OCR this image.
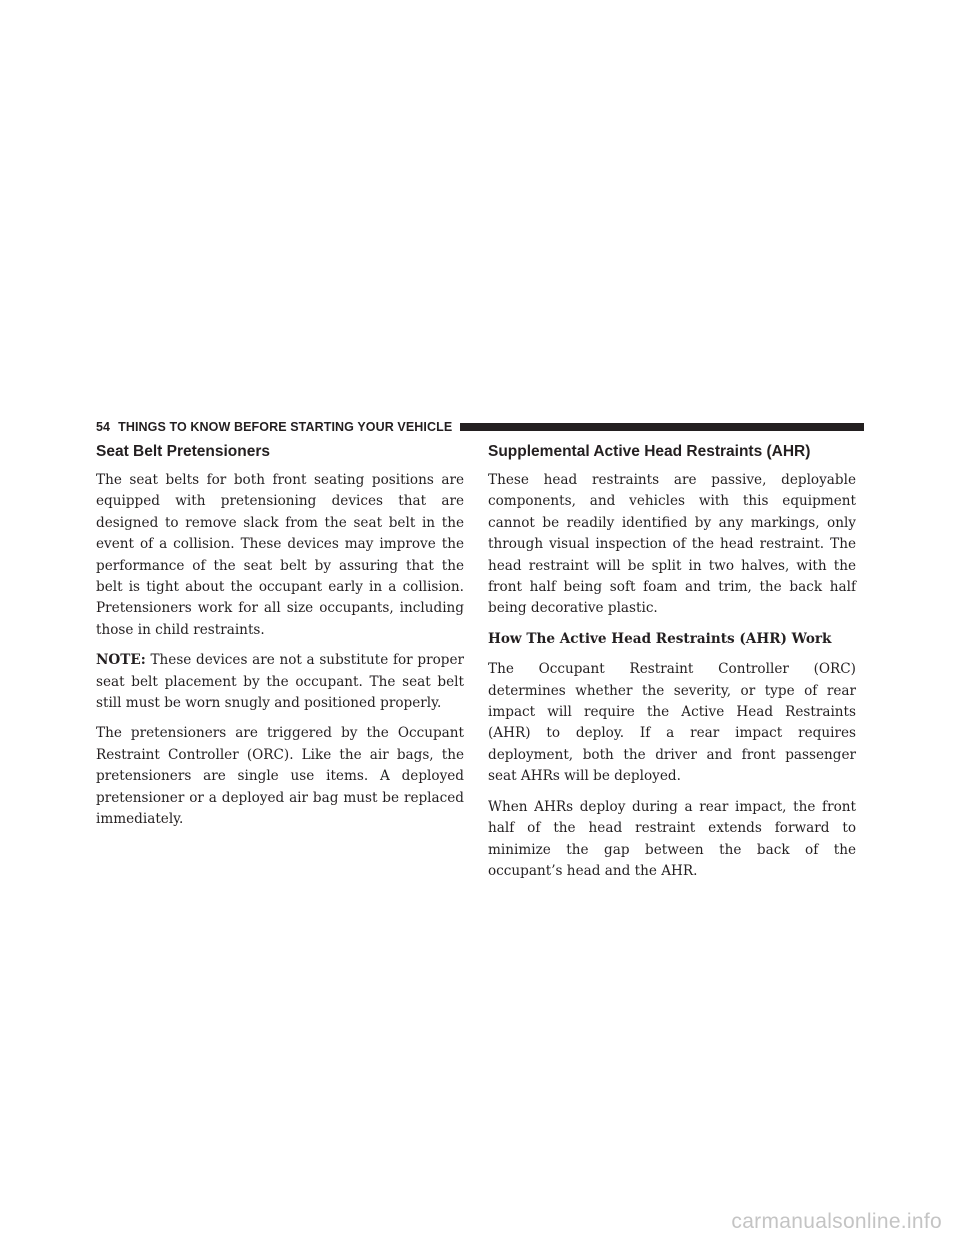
54 THINGS TO KNOW BEFORE STARTING YOUR VEHICLE
Seat Belt Pretensioners

The seat belts for both front seating positions are equipped with pretensioning devices that are designed to remove slack from the seat belt in the event of a collision. These devices may improve the performance of the seat belt by assuring that the belt is tight about the occupant early in a collision. Pretensioners work for all size occupants, including those in child restraints.

NOTE: These devices are not a substitute for proper seat belt placement by the occupant. The seat belt still must be worn snugly and positioned properly.

The pretensioners are triggered by the Occupant Restraint Controller (ORC). Like the air bags, the pretensioners are single use items. A deployed pretensioner or a deployed air bag must be replaced immediately.

Supplemental Active Head Restraints (AHR)

These head restraints are passive, deployable components, and vehicles with this equipment cannot be readily identified by any markings, only through visual inspection of the head restraint. The head restraint will be split in two halves, with the front half being soft foam and trim, the back half being decorative plastic.

How The Active Head Restraints (AHR) Work

The Occupant Restraint Controller (ORC) determines whether the severity, or type of rear impact will require the Active Head Restraints (AHR) to deploy. If a rear impact requires deployment, both the driver and front passenger seat AHRs will be deployed.

When AHRs deploy during a rear impact, the front half of the head restraint extends forward to minimize the gap between the back of the occupant’s head and the AHR.

carmanualsonline.info
